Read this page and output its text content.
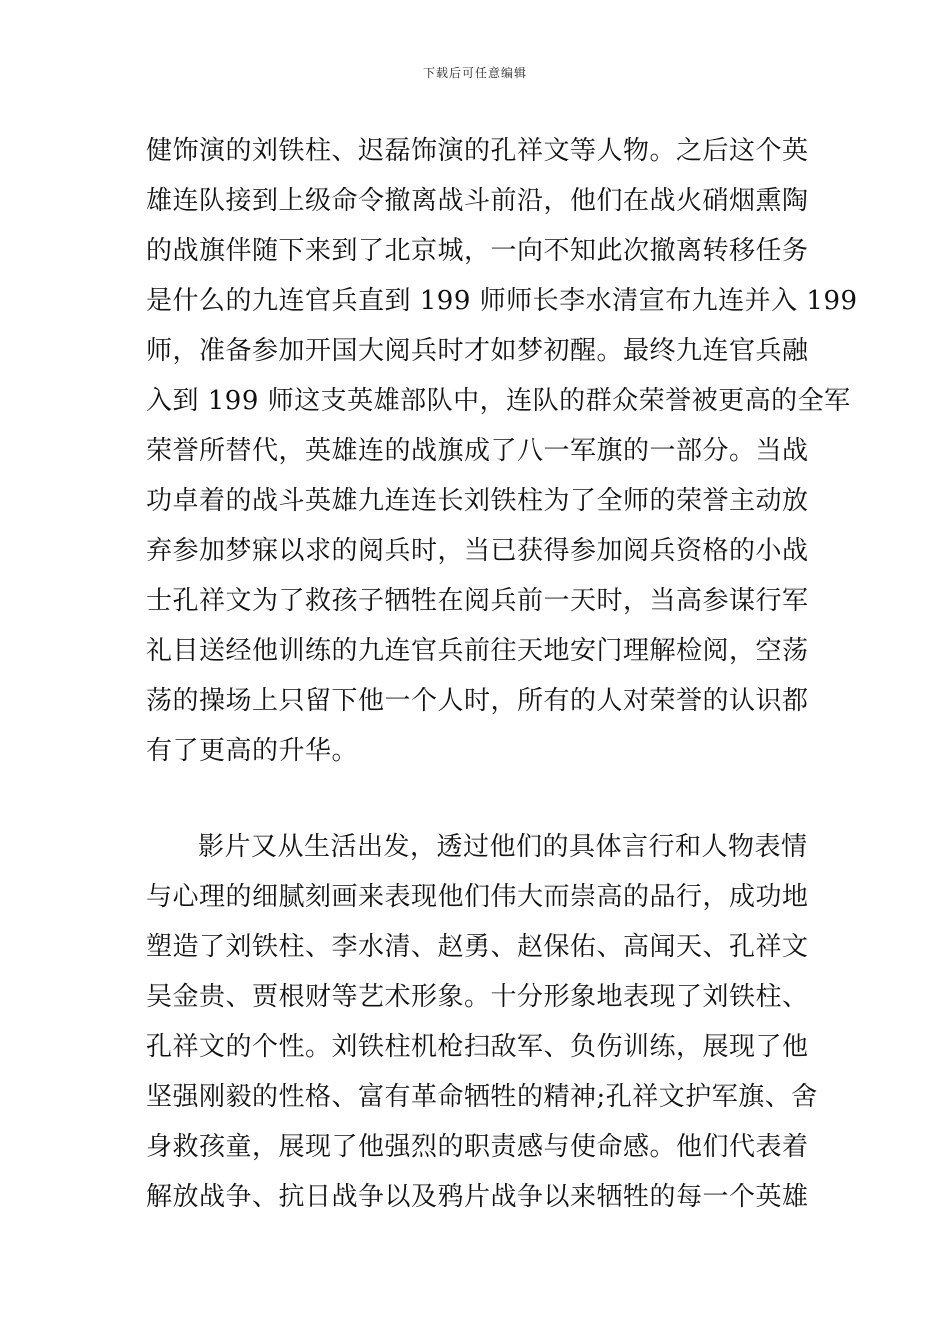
下载后可任意编辑
健饰演的刘铁柱、迟磊饰演的孔祥文等人物。之后这个英
雄连队接到上级命令撤离战斗前沿，他们在战火硝烟熏陶
的战旗伴随下来到了北京城，一向不知此次撤离转移任务
是什么的九连官兵直到 199 师师长李水清宣布九连并入 199
师，准备参加开国大阅兵时才如梦初醒。最终九连官兵融
入到 199 师这支英雄部队中，连队的群众荣誉被更高的全军
荣誉所替代，英雄连的战旗成了八一军旗的一部分。当战
功卓着的战斗英雄九连连长刘铁柱为了全师的荣誉主动放
弃参加梦寐以求的阅兵时，当已获得参加阅兵资格的小战
士孔祥文为了救孩子牺牲在阅兵前一天时，当高参谋行军
礼目送经他训练的九连官兵前往天地安门理解检阅，空荡
荡的操场上只留下他一个人时，所有的人对荣誉的认识都
有了更高的升华。
影片又从生活出发，透过他们的具体言行和人物表情
与心理的细腻刻画来表现他们伟大而崇高的品行，成功地
塑造了刘铁柱、李水清、赵勇、赵保佑、高闻天、孔祥文
吴金贵、贾根财等艺术形象。十分形象地表现了刘铁柱、
孔祥文的个性。刘铁柱机枪扫敌军、负伤训练，展现了他
坚强刚毅的性格、富有革命牺牲的精神;孔祥文护军旗、舍
身救孩童，展现了他强烈的职责感与使命感。他们代表着
解放战争、抗日战争以及鸦片战争以来牺牲的每一个英雄
